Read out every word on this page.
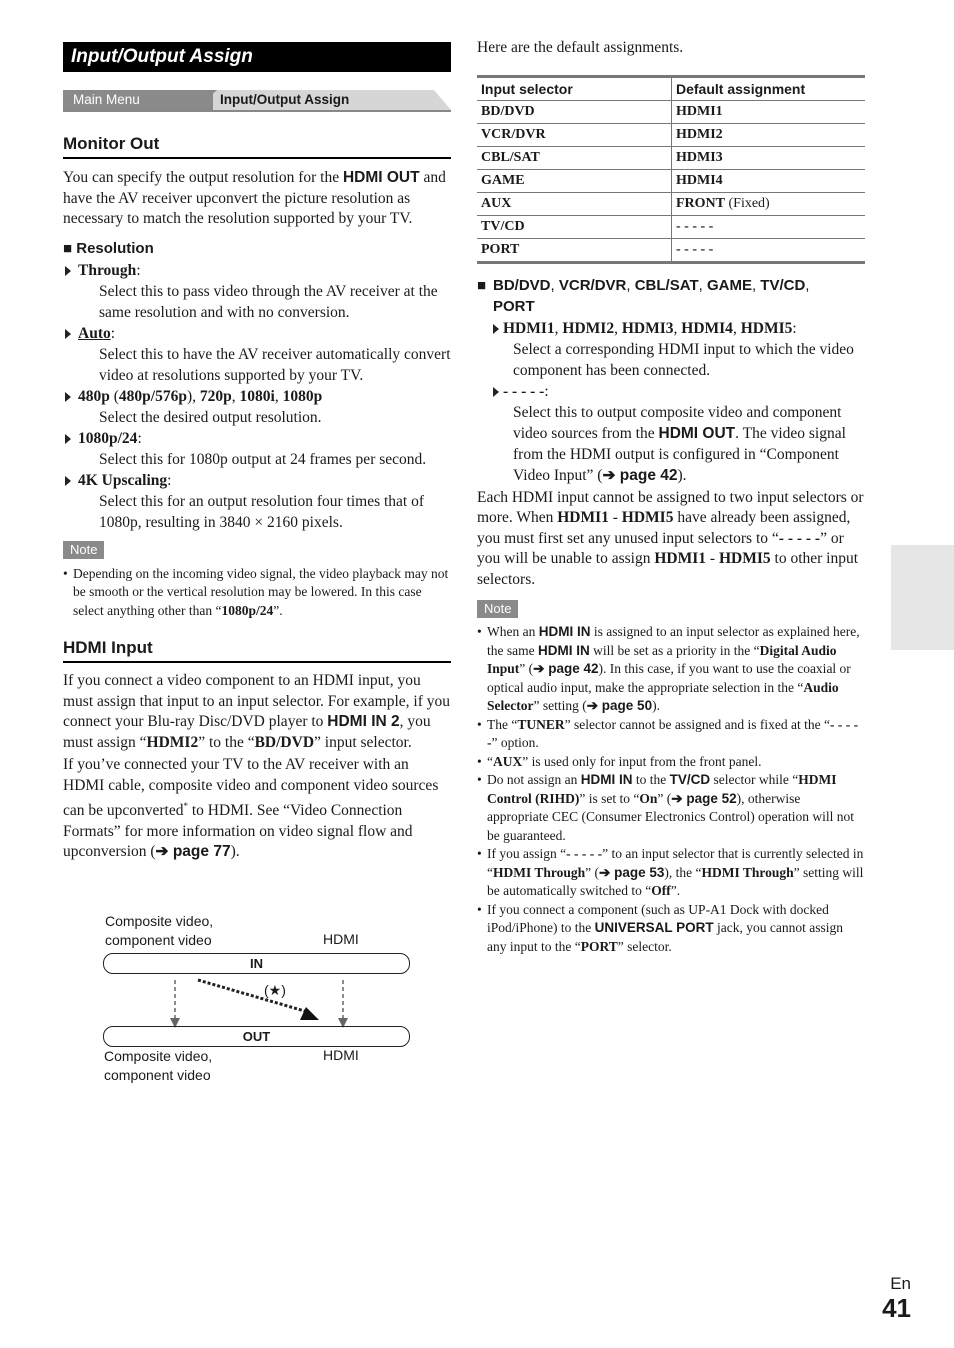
Input/Output Assign
Main Menu	Input/Output Assign
Monitor Out

You can specify the output resolution for the HDMI OUT and have the AV receiver upconvert the picture resolution as necessary to match the resolution supported by your TV.

■ Resolution
Through:
Select this to pass video through the AV receiver at the same resolution and with no conversion.
Auto:
Select this to have the AV receiver automatically convert video at resolutions supported by your TV.
480p (480p/576p), 720p, 1080i, 1080p
Select the desired output resolution.
1080p/24:
Select this for 1080p output at 24 frames per second.
4K Upscaling:
Select this for an output resolution four times that of 1080p, resulting in 3840 × 2160 pixels.
Note
• Depending on the incoming video signal, the video playback may not be smooth or the vertical resolution may be lowered. In this case select anything other than “1080p/24”.
HDMI Input

If you connect a video component to an HDMI input, you must assign that input to an input selector. For example, if you connect your Blu-ray Disc/DVD player to HDMI IN 2, you must assign “HDMI2” to the “BD/DVD” input selector.

If you’ve connected your TV to the AV receiver with an HDMI cable, composite video and component video sources can be upconverted* to HDMI. See “Video Connection Formats” for more information on video signal flow and upconversion (➔ page 77).

Composite video,
component video	HDMI
IN
(★)
OUT
Composite video,
component video
HDMI

Here are the default assignments.

Input selector	Default assignment
BD/DVD	HDMI1
VCR/DVR	HDMI2
CBL/SAT	HDMI3
GAME	HDMI4
AUX	FRONT (Fixed)
TV/CD	- - - - -
PORT	- - - - -
■ BD/DVD, VCR/DVR, CBL/SAT, GAME, TV/CD,
PORT
HDMI1, HDMI2, HDMI3, HDMI4, HDMI5:
Select a corresponding HDMI input to which the video component has been connected.
- - - - -:
Select this to output composite video and component video sources from the HDMI OUT. The video signal from the HDMI output is configured in “Component Video Input” (➔ page 42).

Each HDMI input cannot be assigned to two input selectors or more. When HDMI1 - HDMI5 have already been assigned, you must first set any unused input selectors to “- - - - -” or you will be unable to assign HDMI1 - HDMI5 to other input selectors.

Note
• When an HDMI IN is assigned to an input selector as explained here, the same HDMI IN will be set as a priority in the “Digital Audio Input” (➔ page 42). In this case, if you want to use the coaxial or optical audio input, make the appropriate selection in the “Audio Selector” setting (➔ page 50).
• The “TUNER” selector cannot be assigned and is fixed at the “- - - - -” option.
• “AUX” is used only for input from the front panel.
• Do not assign an HDMI IN to the TV/CD selector while “HDMI Control (RIHD)” is set to “On” (➔ page 52), otherwise appropriate CEC (Consumer Electronics Control) operation will not be guaranteed.
• If you assign “- - - - -” to an input selector that is currently selected in “HDMI Through” (➔ page 53), the “HDMI Through” setting will be automatically switched to “Off”.
• If you connect a component (such as UP-A1 Dock with docked iPod/iPhone) to the UNIVERSAL PORT jack, you cannot assign any input to the “PORT” selector.
En
41
